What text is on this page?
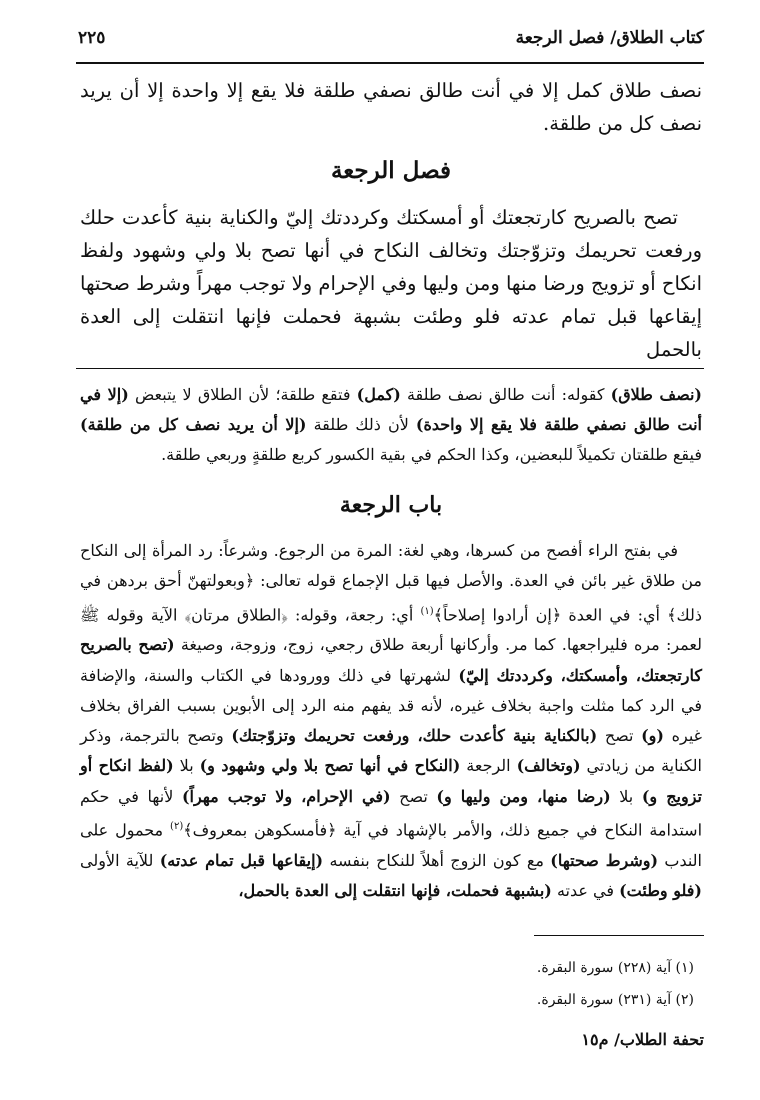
كتاب الطلاق/ فصل الرجعة
٢٢٥

نصف طلاق كمل إلا في أنت طالق نصفي طلقة فلا يقع إلا واحدة إلا أن يريد نصف كل من طلقة.

فصل الرجعة

تصح بالصريح كارتجعتك أو أمسكتك وكرددتك إليّ والكناية بنية كأعدت حلك ورفعت تحريمك وتزوّجتك وتخالف النكاح في أنها تصح بلا ولي وشهود ولفظ انكاح أو تزويج ورضا منها ومن وليها وفي الإحرام ولا توجب مهراً وشرط صحتها إيقاعها قبل تمام عدته فلو وطئت بشبهة فحملت فإنها انتقلت إلى العدة بالحمل

(نصف طلاق) كقوله: أنت طالق نصف طلقة (كمل) فتقع طلقة؛ لأن الطلاق لا يتبعض (إلا في أنت طالق نصفي طلقة فلا يقع إلا واحدة) لأن ذلك طلقة (إلا أن يريد نصف كل من طلقة) فيقع طلقتان تكميلاً للبعضين، وكذا الحكم في بقية الكسور كربع طلقةٍ وربعي طلقة.

باب الرجعة

في بفتح الراء أفصح من كسرها، وهي لغة: المرة من الرجوع. وشرعاً: رد المرأة إلى النكاح من طلاق غير بائن في العدة. والأصل فيها قبل الإجماع قوله تعالى: ﴿وبعولتهنّ أحق بردهن في ذلك﴾ أي: في العدة ﴿إن أرادوا إصلاحاً﴾$^{(١)}$ أي: رجعة، وقوله: ﴿الطلاق مرتان﴾ الآية وقوله ﷺ لعمر: مره فليراجعها. كما مر. وأركانها أربعة طلاق رجعي، زوج، وزوجة، وصيغة (تصح بالصريح كارتجعتك، وأمسكتك، وكرددتك إليّ) لشهرتها في ذلك وورودها في الكتاب والسنة، والإضافة في الرد كما مثلت واجبة بخلاف غيره، لأنه قد يفهم منه الرد إلى الأبوين بسبب الفراق بخلاف غيره (و) تصح (بالكناية بنية كأعدت حلك، ورفعت تحريمك وتزوّجتك) وتصح بالترجمة، وذكر الكناية من زيادتي (وتخالف) الرجعة (النكاح في أنها تصح بلا ولي وشهود و) بلا (لفظ انكاح أو تزويج و) بلا (رضا منها، ومن وليها و) تصح (في الإحرام، ولا توجب مهراً) لأنها في حكم استدامة النكاح في جميع ذلك، والأمر بالإشهاد في آية ﴿فأمسكوهن بمعروف﴾$^{(٢)}$ محمول على الندب (وشرط صحتها) مع كون الزوج أهلاً للنكاح بنفسه (إيقاعها قبل تمام عدته) للآية الأولى (فلو وطئت) في عدته (بشبهة فحملت، فإنها انتقلت إلى العدة بالحمل،

(١) آية (٢٢٨) سورة البقرة.
(٢) آية (٢٣١) سورة البقرة.
تحفة الطلاب/ م١٥
